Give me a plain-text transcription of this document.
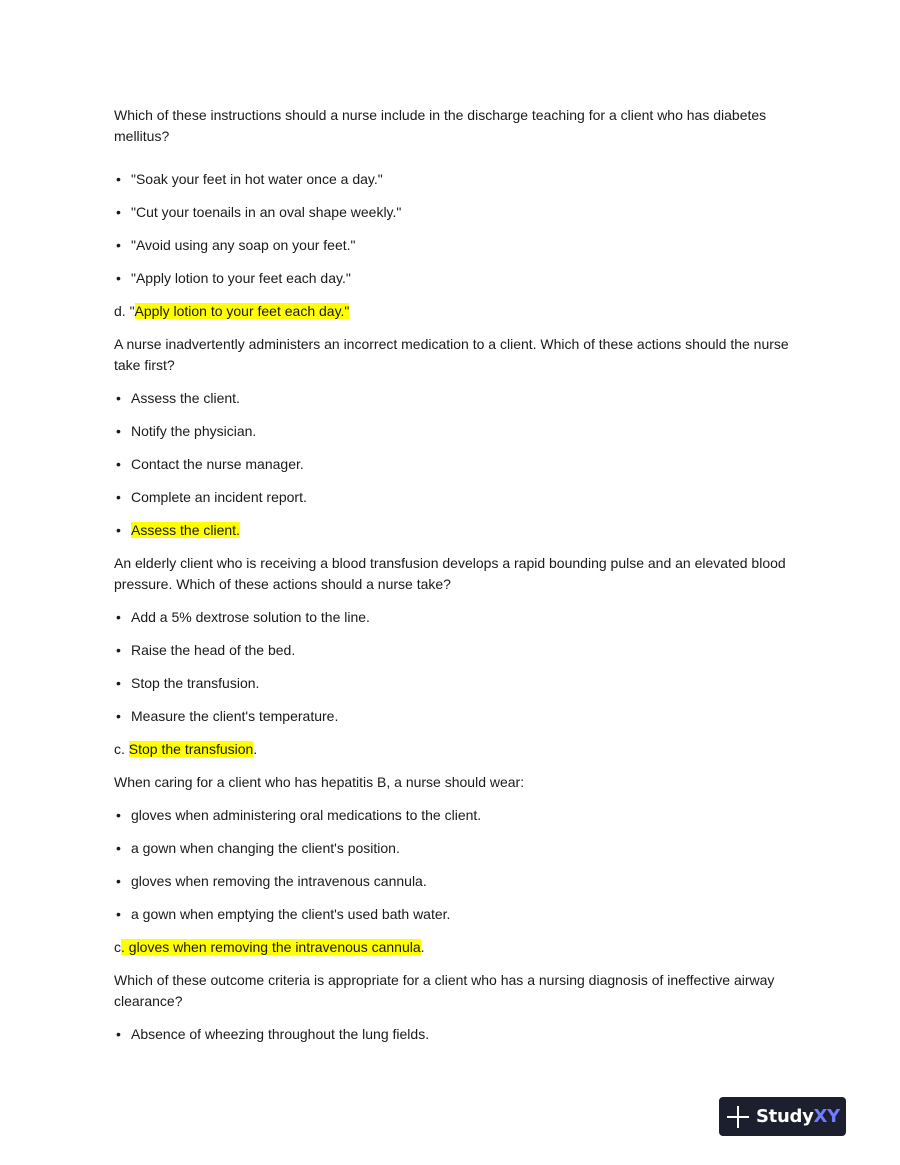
Which of these instructions should a nurse include in the discharge teaching for a client who has diabetes mellitus?

• "Soak your feet in hot water once a day."
• "Cut your toenails in an oval shape weekly."
• "Avoid using any soap on your feet."
• "Apply lotion to your feet each day."
d. "Apply lotion to your feet each day."

A nurse inadvertently administers an incorrect medication to a client. Which of these actions should the nurse take first?

• Assess the client.
• Notify the physician.
• Contact the nurse manager.
• Complete an incident report.
• Assess the client.

An elderly client who is receiving a blood transfusion develops a rapid bounding pulse and an elevated blood pressure. Which of these actions should a nurse take?

• Add a 5% dextrose solution to the line.
• Raise the head of the bed.
• Stop the transfusion.
• Measure the client's temperature.
c. Stop the transfusion.

When caring for a client who has hepatitis B, a nurse should wear:

• gloves when administering oral medications to the client.
• a gown when changing the client's position.
• gloves when removing the intravenous cannula.
• a gown when emptying the client's used bath water.
c. gloves when removing the intravenous cannula.

Which of these outcome criteria is appropriate for a client who has a nursing diagnosis of ineffective airway clearance?

• Absence of wheezing throughout the lung fields.
StudyXY
